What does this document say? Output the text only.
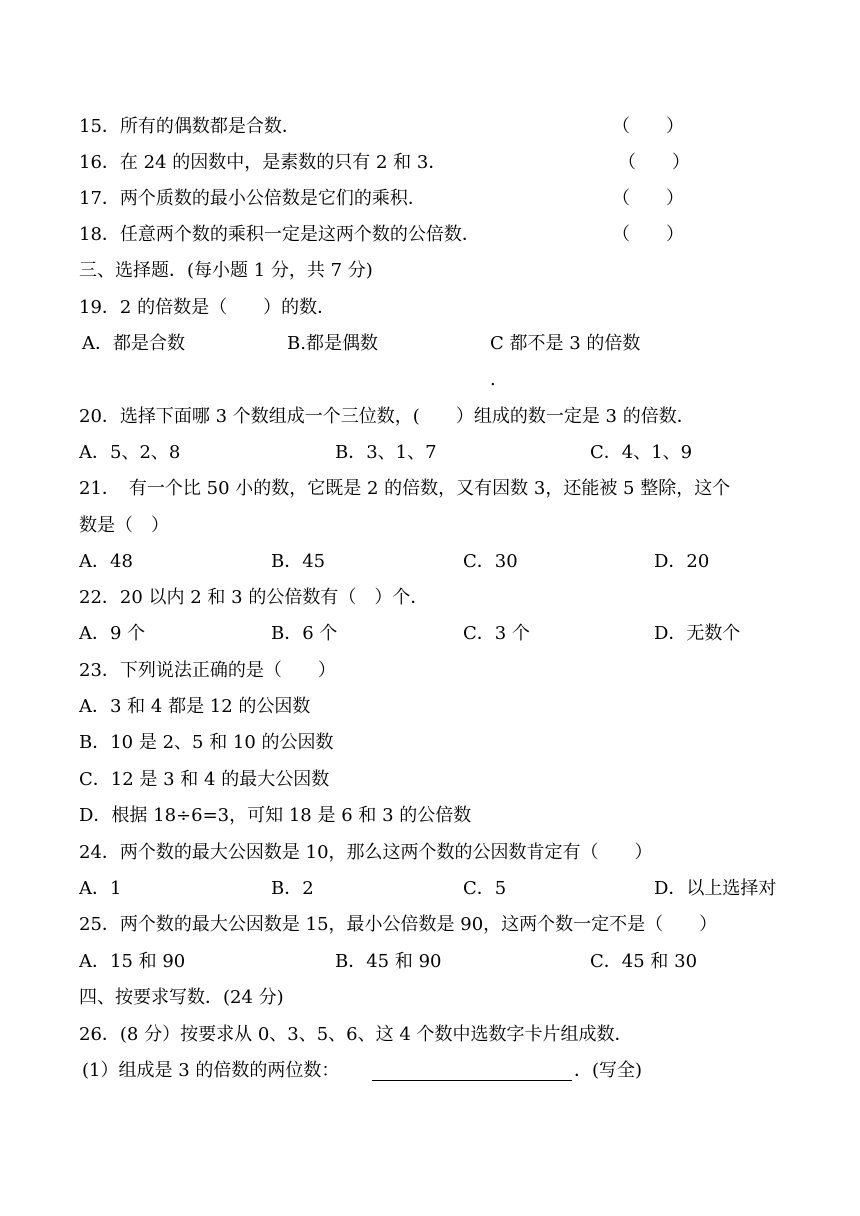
15．所有的偶数都是合数．	（　　）
16．在 24 的因数中，是素数的只有 2 和 3．	（　　）
17．两个质数的最小公倍数是它们的乘积．	（　　）
18．任意两个数的乘积一定是这两个数的公倍数．	（　　）
三、选择题．(每小题 1 分，共 7 分)
19．2 的倍数是（　　）的数．
A．都是合数	B.都是偶数	C 都不是 3 的倍数
.
20．选择下面哪 3 个数组成一个三位数，(　　）组成的数一定是 3 的倍数．
A．5、2、8	B．3、1、7	C．4、1、9
21．　有一个比 50 小的数，它既是 2 的倍数，又有因数 3，还能被 5 整除，这个
数是（　）
A．48	B．45	C．30	D．20
22．20 以内 2 和 3 的公倍数有（　）个．
A．9 个	B．6 个	C．3 个	D．无数个
23．下列说法正确的是（　　）
A．3 和 4 都是 12 的公因数
B．10 是 2、5 和 10 的公因数
C．12 是 3 和 4 的最大公因数
D．根据 18÷6=3，可知 18 是 6 和 3 的公倍数
24．两个数的最大公因数是 10，那么这两个数的公因数肯定有（　　）
A．1	B．2	C．5	D．以上选择对
25．两个数的最大公因数是 15，最小公倍数是 90，这两个数一定不是（　　）
A．15 和 90	B．45 和 90	C．45 和 30
四、按要求写数．(24 分)
26．(8 分）按要求从 0、3、5、6、这 4 个数中选数字卡片组成数．
(1）组成是 3 的倍数的两位数：	．(写全)
